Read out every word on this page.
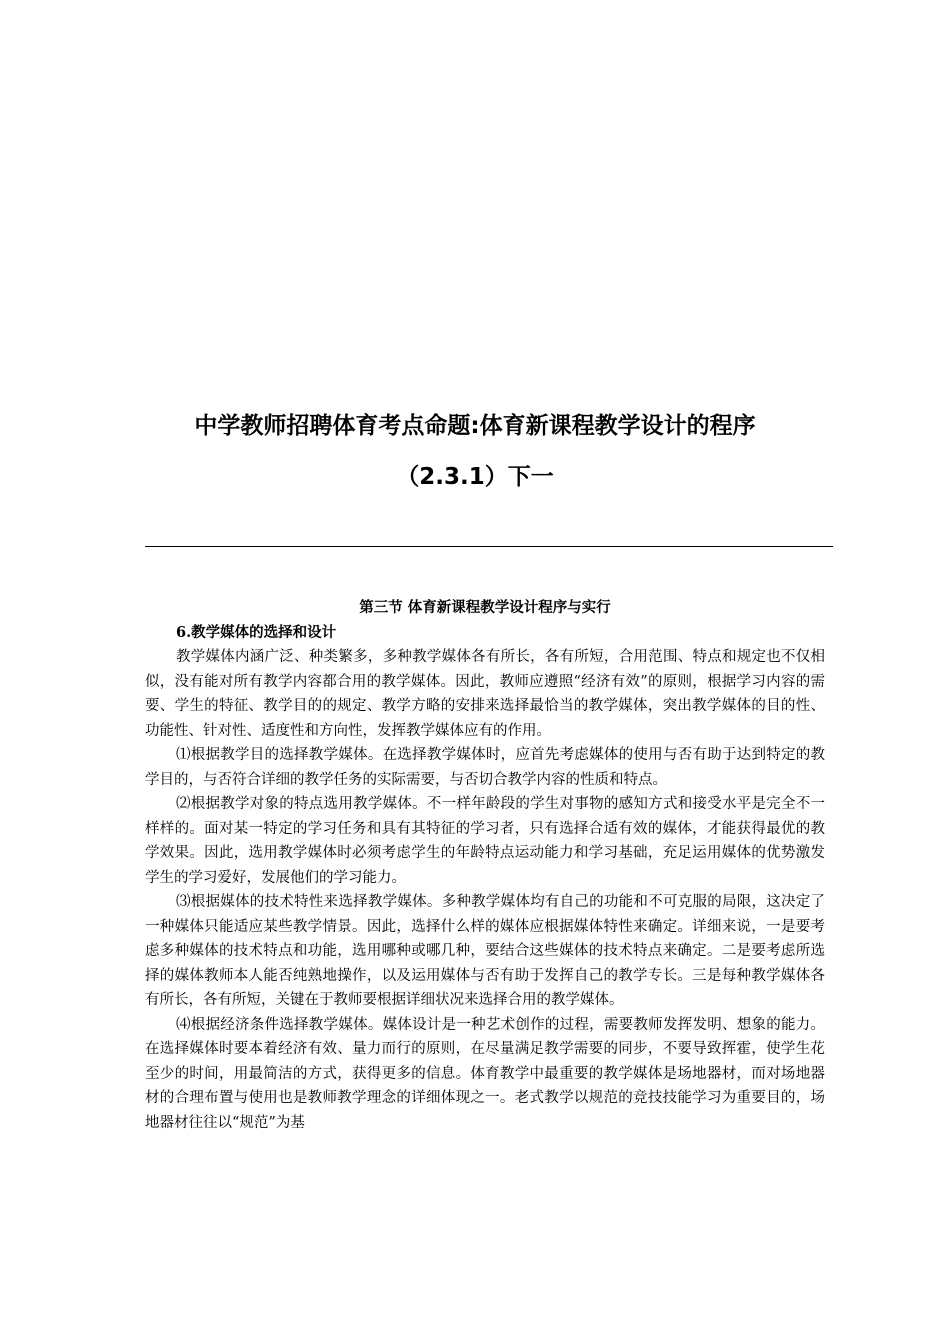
中学教师招聘体育考点命题:体育新课程教学设计的程序
（2.3.1）下一

第三节 体育新课程教学设计程序与实行

6.教学媒体的选择和设计

教学媒体内涵广泛、种类繁多，多种教学媒体各有所长，各有所短，合用范围、特点和规定也不仅相似，没有能对所有教学内容都合用的教学媒体。因此，教师应遵照“经济有效”的原则，根据学习内容的需要、学生的特征、教学目的的规定、教学方略的安排来选择最恰当的教学媒体，突出教学媒体的目的性、功能性、针对性、适度性和方向性，发挥教学媒体应有的作用。

⑴根据教学目的选择教学媒体。在选择教学媒体时，应首先考虑媒体的使用与否有助于达到特定的教学目的，与否符合详细的教学任务的实际需要，与否切合教学内容的性质和特点。

⑵根据教学对象的特点选用教学媒体。不一样年龄段的学生对事物的感知方式和接受水平是完全不一样样的。面对某一特定的学习任务和具有其特征的学习者，只有选择合适有效的媒体，才能获得最优的教学效果。因此，选用教学媒体时必须考虑学生的年龄特点运动能力和学习基础，充足运用媒体的优势激发学生的学习爱好，发展他们的学习能力。

⑶根据媒体的技术特性来选择教学媒体。多种教学媒体均有自己的功能和不可克服的局限，这决定了一种媒体只能适应某些教学情景。因此，选择什么样的媒体应根据媒体特性来确定。详细来说，一是要考虑多种媒体的技术特点和功能，选用哪种或哪几种，要结合这些媒体的技术特点来确定。二是要考虑所选择的媒体教师本人能否纯熟地操作，以及运用媒体与否有助于发挥自己的教学专长。三是每种教学媒体各有所长，各有所短，关键在于教师要根据详细状况来选择合用的教学媒体。

⑷根据经济条件选择教学媒体。媒体设计是一种艺术创作的过程，需要教师发挥发明、想象的能力。在选择媒体时要本着经济有效、量力而行的原则，在尽量满足教学需要的同步，不要导致挥霍，使学生花至少的时间，用最简洁的方式，获得更多的信息。体育教学中最重要的教学媒体是场地器材，而对场地器材的合理布置与使用也是教师教学理念的详细体现之一。老式教学以规范的竞技技能学习为重要目的，场地器材往往以“规范”为基
